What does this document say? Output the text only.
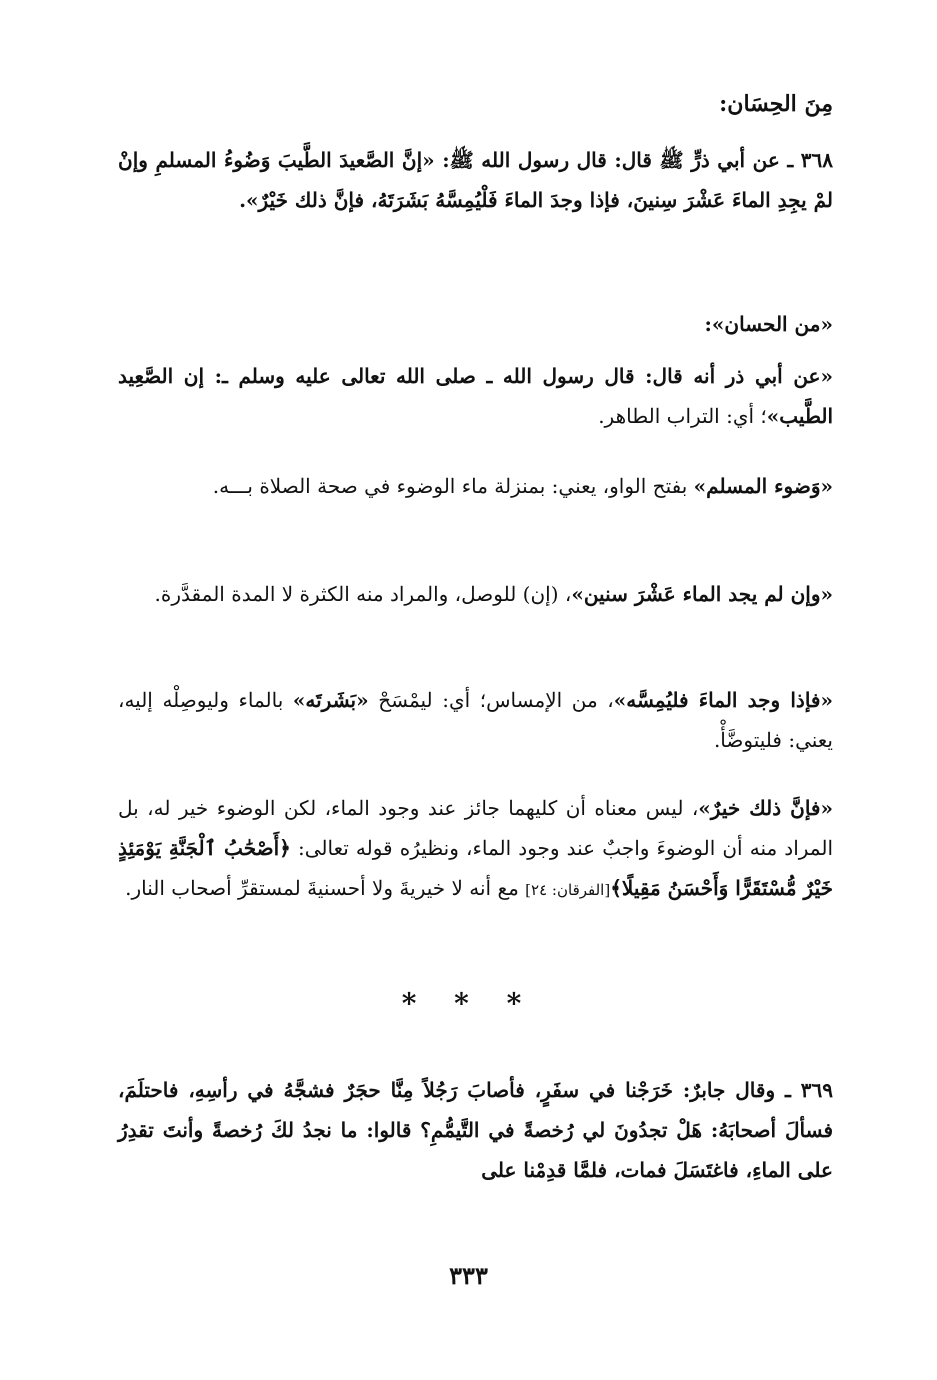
مِنَ الحِسَان:
٣٦٨ ـ عن أبي ذرٍّ ﷺ قال: قال رسول الله ﷺ: «إنَّ الصَّعيدَ الطَّيبَ وَضُوءُ المسلمِ وإنْ لمْ يجِدِ الماءَ عَشْرَ سِنينَ، فإذا وجدَ الماءَ فَلْيُمِسَّهُ بَشَرَتَهُ، فإنَّ ذلك خَيْرٌ».
«من الحسان»:
«عن أبي ذر أنه قال: قال رسول الله ـ صلى الله تعالى عليه وسلم ـ: إن الصَّعِيد الطَّيب»؛ أي: التراب الطاهر.
«وَضوء المسلم» بفتح الواو، يعني: بمنزلة ماء الوضوء في صحة الصلاة بـــه.
«وإن لم يجد الماء عَشْرَ سنين»، (إن) للوصل، والمراد منه الكثرة لا المدة المقدَّرة.
«فإذا وجد الماءَ فليُمِسَّه»، من الإمساس؛ أي: ليمْسَحْ «بَشَرتَه» بالماء وليوصِلْه إليه، يعني: فليتوضَّأْ.
«فإنَّ ذلك خيرٌ»، ليس معناه أن كليهما جائز عند وجود الماء، لكن الوضوء خير له، بل المراد منه أن الوضوءَ واجبٌ عند وجود الماء، ونظيرُه قوله تعالى: ﴿أَصْحَٰبُ ٱلْجَنَّةِ يَوْمَئِذٍ خَيْرٌ مُّسْتَقَرًّا وَأَحْسَنُ مَقِيلًا﴾[الفرقان: ٢٤] مع أنه لا خيريةَ ولا أحسنيةَ لمستقرِّ أصحاب النار.
* * *
٣٦٩ ـ وقال جابرٌ: خَرَجْنا في سفَرٍ، فأصابَ رَجُلاً مِنَّا حجَرٌ فشجَّهُ في رأسِهِ، فاحتلَمَ، فسألَ أصحابَهُ: هَلْ تجدُونَ لي رُخصةً في التَّيمُّمِ؟ قالوا: ما نجدُ لكَ رُخصةً وأنتَ تقدِرُ على الماءِ، فاغتَسَلَ فمات، فلمَّا قدِمْنا على
٣٣٣
